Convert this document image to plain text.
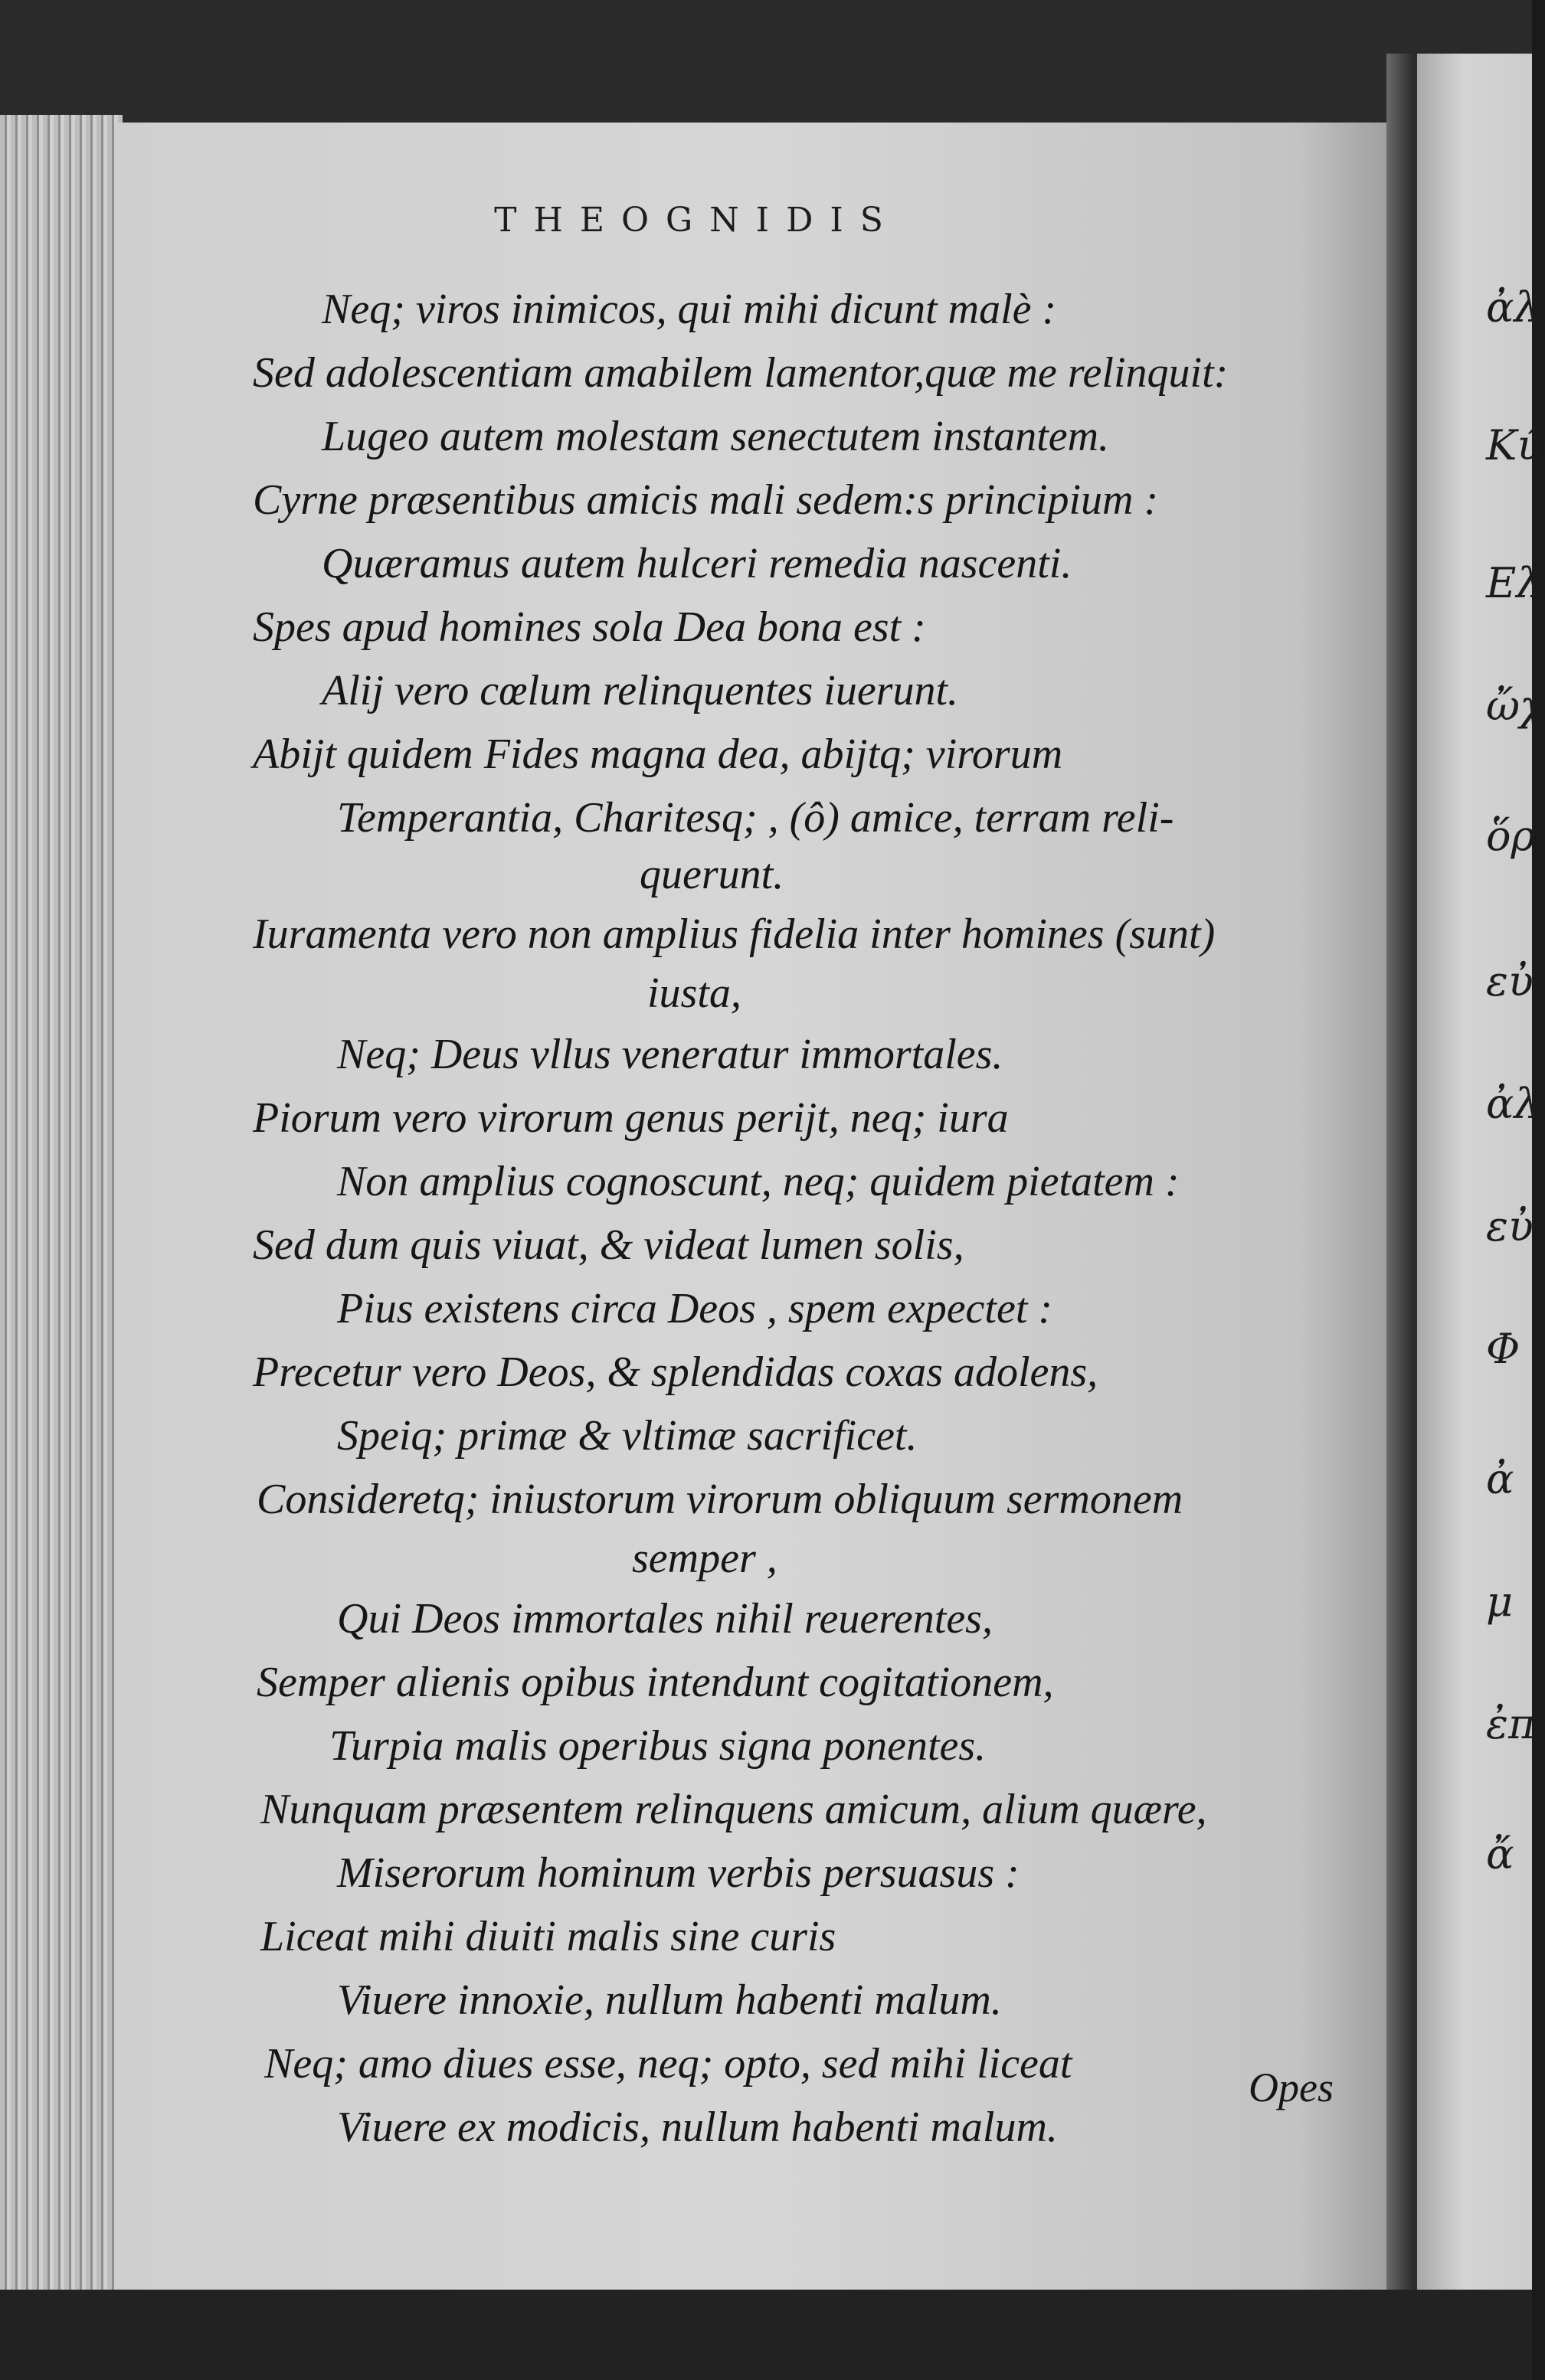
ἀλ
Κύ
Ελ
ὤχ
ὅρ
εὐ
ἀλ
εὐ
Φ
ἀ
μ
ἐπ
ἄ
THEOGNIDIS
Neq; viros inimicos, qui mihi dicunt malè :
Sed adolescentiam amabilem lamentor,quæ me relinquit:
Lugeo autem molestam senectutem instantem.
Cyrne præsentibus amicis mali sedem:s principium :
Quæramus autem hulceri remedia nascenti.
Spes apud homines sola Dea bona est :
Alij vero cœlum relinquentes iuerunt.
Abijt quidem Fides magna dea, abijtq; virorum
Temperantia, Charitesq; , (ô) amice, terram reli-
querunt.
Iuramenta vero non amplius fidelia inter homines (sunt)
iusta,
Neq; Deus vllus veneratur immortales.
Piorum vero virorum genus perijt, neq; iura
Non amplius cognoscunt, neq; quidem pietatem :
Sed dum quis viuat, & videat lumen solis,
Pius existens circa Deos , spem expectet :
Precetur vero Deos, & splendidas coxas adolens,
Speiq; primæ & vltimæ sacrificet.
Consideretq; iniustorum virorum obliquum sermonem
semper ,
Qui Deos immortales nihil reuerentes,
Semper alienis opibus intendunt cogitationem,
Turpia malis operibus signa ponentes.
Nunquam præsentem relinquens amicum, alium quære,
Miserorum hominum verbis persuasus :
Liceat mihi diuiti malis sine curis
Viuere innoxie, nullum habenti malum.
Neq; amo diues esse, neq; opto, sed mihi liceat
Viuere ex modicis, nullum habenti malum.
Opes
